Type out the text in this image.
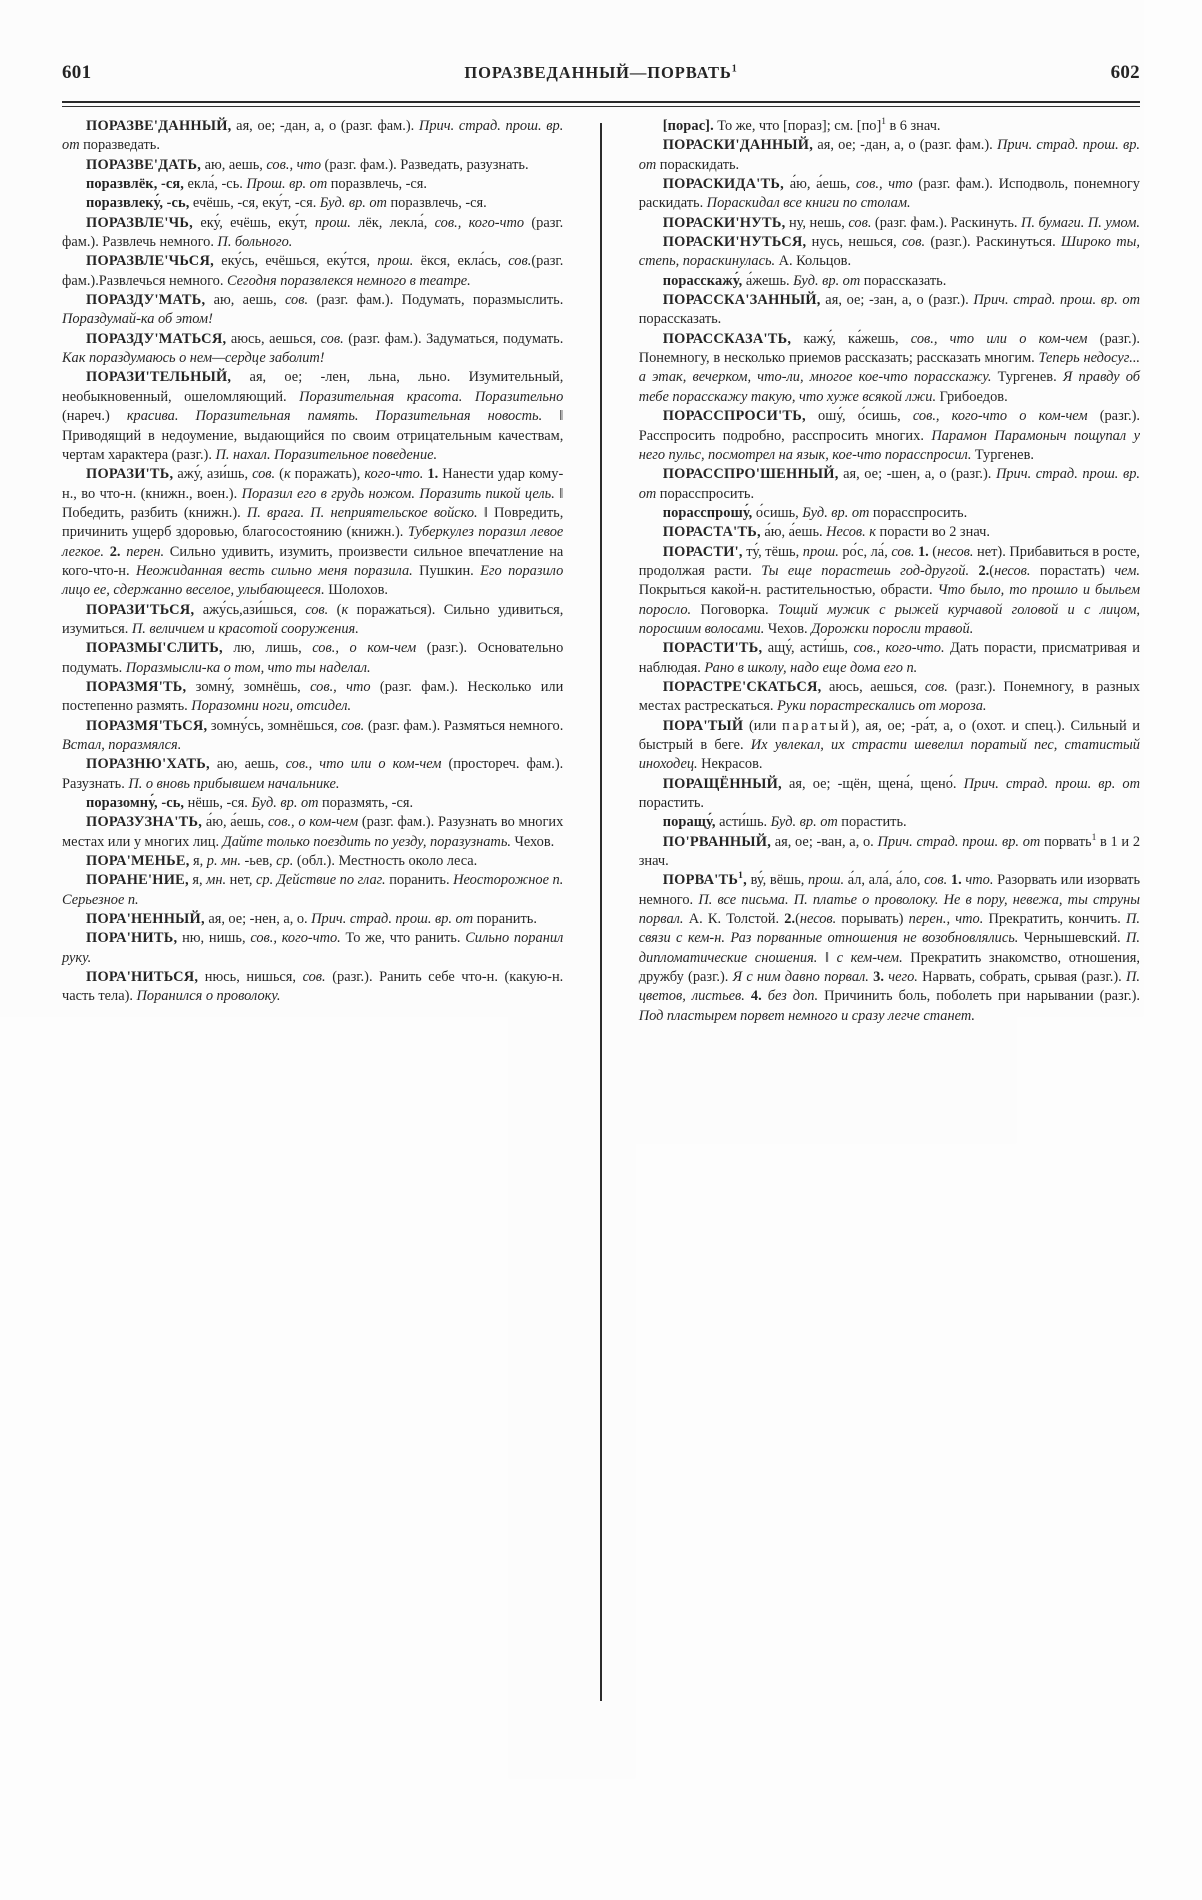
601	ПОРАЗВЕДАННЫЙ—ПОРВАТЬ$^1$	602

ПОРАЗВЕ'ДАННЫЙ, ая, ое; -дан, а, о (разг. фам.). Прич. страд. прош. вр. от поразведать.

ПОРАЗВЕ'ДАТЬ, аю, аешь, сов., что (разг. фам.). Разведать, разузнать.

поразвлёк, -ся, екла́, -сь. Прош. вр. от поразвлечь, -ся.

поразвлеку́, -сь, ечёшь, -ся, еку́т, -ся. Буд. вр. от поразвлечь, -ся.

ПОРАЗВЛЕ'ЧЬ, еку́, ечёшь, еку́т, прош. лёк, лекла́, сов., кого-что (разг. фам.). Развлечь немного. П. больного.

ПОРАЗВЛЕ'ЧЬСЯ, еку́сь, ечёшься, еку́тся, прош. ёкся, екла́сь, сов.(разг. фам.).Развлечься немного. Сегодня поразвлекся немного в театре.

ПОРАЗДУ'МАТЬ, аю, аешь, сов. (разг. фам.). Подумать, поразмыслить. Пораздумай-ка об этом!

ПОРАЗДУ'МАТЬСЯ, аюсь, аешься, сов. (разг. фам.). Задуматься, подумать. Как пораздумаюсь о нем—сердце заболит!

ПОРАЗИ'ТЕЛЬНЫЙ, ая, ое; -лен, льна, льно. Изумительный, необыкновенный, ошеломляющий. Поразительная красота. Поразительно (нареч.) красива. Поразительная память. Поразительная новость. ‖ Приводящий в недоумение, выдающийся по своим отрицательным качествам, чертам характера (разг.). П. нахал. Поразительное поведение.

ПОРАЗИ'ТЬ, ажу́, ази́шь, сов. (к поражать), кого-что. 1. Нанести удар кому-н., во что-н. (книжн., воен.). Поразил его в грудь ножом. Поразить пикой цель. ‖ Победить, разбить (книжн.). П. врага. П. неприятельское войско. ‖ Повредить, причинить ущерб здоровью, благосостоянию (книжн.). Туберкулез поразил левое легкое. 2. перен. Сильно удивить, изумить, произвести сильное впечатление на кого-что-н. Неожиданная весть сильно меня поразила. Пушкин. Его поразило лицо ее, сдержанно веселое, улыбающееся. Шолохов.

ПОРАЗИ'ТЬСЯ, ажу́сь,ази́шься, сов. (к поражаться). Сильно удивиться, изумиться. П. величием и красотой сооружения.

ПОРАЗМЫ'СЛИТЬ, лю, лишь, сов., о ком-чем (разг.). Основательно подумать. Поразмысли-ка о том, что ты наделал.

ПОРАЗМЯ'ТЬ, зомну́, зомнёшь, сов., что (разг. фам.). Несколько или постепенно размять. Поразомни ноги, отсидел.

ПОРАЗМЯ'ТЬСЯ, зомну́сь, зомнёшься, сов. (разг. фам.). Размяться немного. Встал, поразмялся.

ПОРАЗНЮ'ХАТЬ, аю, аешь, сов., что или о ком-чем (простореч. фам.). Разузнать. П. о вновь прибывшем начальнике.

поразомну́, -сь, нёшь, -ся. Буд. вр. от поразмять, -ся.

ПОРАЗУЗНА'ТЬ, а́ю, а́ешь, сов., о ком-чем (разг. фам.). Разузнать во многих местах или у многих лиц. Дайте только поездить по уезду, поразузнать. Чехов.

ПОРА'МЕНЬЕ, я, р. мн. -ьев, ср. (обл.). Местность около леса.

ПОРАНЕ'НИЕ, я, мн. нет, ср. Действие по глаг. поранить. Неосторожное п. Серьезное п.

ПОРА'НЕННЫЙ, ая, ое; -нен, а, о. Прич. страд. прош. вр. от поранить.

ПОРА'НИТЬ, ню, нишь, сов., кого-что. То же, что ранить. Сильно поранил руку.

ПОРА'НИТЬСЯ, нюсь, нишься, сов. (разг.). Ранить себе что-н. (какую-н. часть тела). Поранился о проволоку.

[порас]. То же, что [пораз]; см. [по]$^1$ в 6 знач.

ПОРАСКИ'ДАННЫЙ, ая, ое; -дан, а, о (разг. фам.). Прич. страд. прош. вр. от пораскидать.

ПОРАСКИДА'ТЬ, а́ю, а́ешь, сов., что (разг. фам.). Исподволь, понемногу раскидать. Пораскидал все книги по столам.

ПОРАСКИ'НУТЬ, ну, нешь, сов. (разг. фам.). Раскинуть. П. бумаги. П. умом.

ПОРАСКИ'НУТЬСЯ, нусь, нешься, сов. (разг.). Раскинуться. Широко ты, степь, пораскинулась. А. Кольцов.

порасскажу́, а́жешь. Буд. вр. от порассказать.

ПОРАССКА'ЗАННЫЙ, ая, ое; -зан, а, о (разг.). Прич. страд. прош. вр. от порассказать.

ПОРАССКАЗА'ТЬ, кажу́, ка́жешь, сов., что или о ком-чем (разг.). Понемногу, в несколько приемов рассказать; рассказать многим. Теперь недосуг... а этак, вечерком, что-ли, многое кое-что порасскажу. Тургенев. Я правду об тебе порасскажу такую, что хуже всякой лжи. Грибоедов.

ПОРАССПРОСИ'ТЬ, ошу́, о́сишь, сов., кого-что о ком-чем (разг.). Расспросить подробно, расспросить многих. Парамон Парамоныч пощупал у него пульс, посмотрел на язык, кое-что порасспросил. Тургенев.

ПОРАССПРО'ШЕННЫЙ, ая, ое; -шен, а, о (разг.). Прич. страд. прош. вр. от порасспросить.

порасспрошу́, о́сишь, Буд. вр. от порасспросить.

ПОРАСТА'ТЬ, а́ю, а́ешь. Несов. к порасти во 2 знач.

ПОРАСТИ', ту́, тёшь, прош. ро́с, ла́, сов. 1. (несов. нет). Прибавиться в росте, продолжая расти. Ты еще порастешь год-другой. 2.(несов. порастать) чем. Покрыться какой-н. растительностью, обрасти. Что было, то прошло и быльем поросло. Поговорка. Тощий мужик с рыжей курчавой головой и с лицом, поросшим волосами. Чехов. Дорожки поросли травой.

ПОРАСТИ'ТЬ, ащу́, асти́шь, сов., кого-что. Дать порасти, присматривая и наблюдая. Рано в школу, надо еще дома его п.

ПОРАСТРЕ'СКАТЬСЯ, аюсь, аешься, сов. (разг.). Понемногу, в разных местах растрескаться. Руки порастрескались от мороза.

ПОРА'ТЫЙ (или паратый), ая, ое; -ра́т, а, о (охот. и спец.). Сильный и быстрый в беге. Их увлекал, их страсти шевелил поратый пес, статистый иноходец. Некрасов.

ПОРАЩЁННЫЙ, ая, ое; -щён, щена́, щено́. Прич. страд. прош. вр. от порастить.

поращу́, асти́шь. Буд. вр. от порастить.

ПО'РВАННЫЙ, ая, ое; -ван, а, о. Прич. страд. прош. вр. от порвать$^1$ в 1 и 2 знач.

$ПОРВА'ТЬ^1$, ву́, вёшь, прош. а́л, ала́, а́ло, сов. 1. что. Разорвать или изорвать немного. П. все письма. П. платье о проволоку. Не в пору, невежа, ты струны порвал. А. К. Толстой. 2.(несов. порывать) перен., что. Прекратить, кончить. П. связи с кем-н. Раз порванные отношения не возобновлялись. Чернышевский. П. дипломатические сношения. ‖ с кем-чем. Прекратить знакомство, отношения, дружбу (разг.). Я с ним давно порвал. 3. чего. Нарвать, собрать, срывая (разг.). П. цветов, листьев. 4. без доп. Причинить боль, поболеть при нарывании (разг.). Под пластырем порвет немного и сразу легче станет.
